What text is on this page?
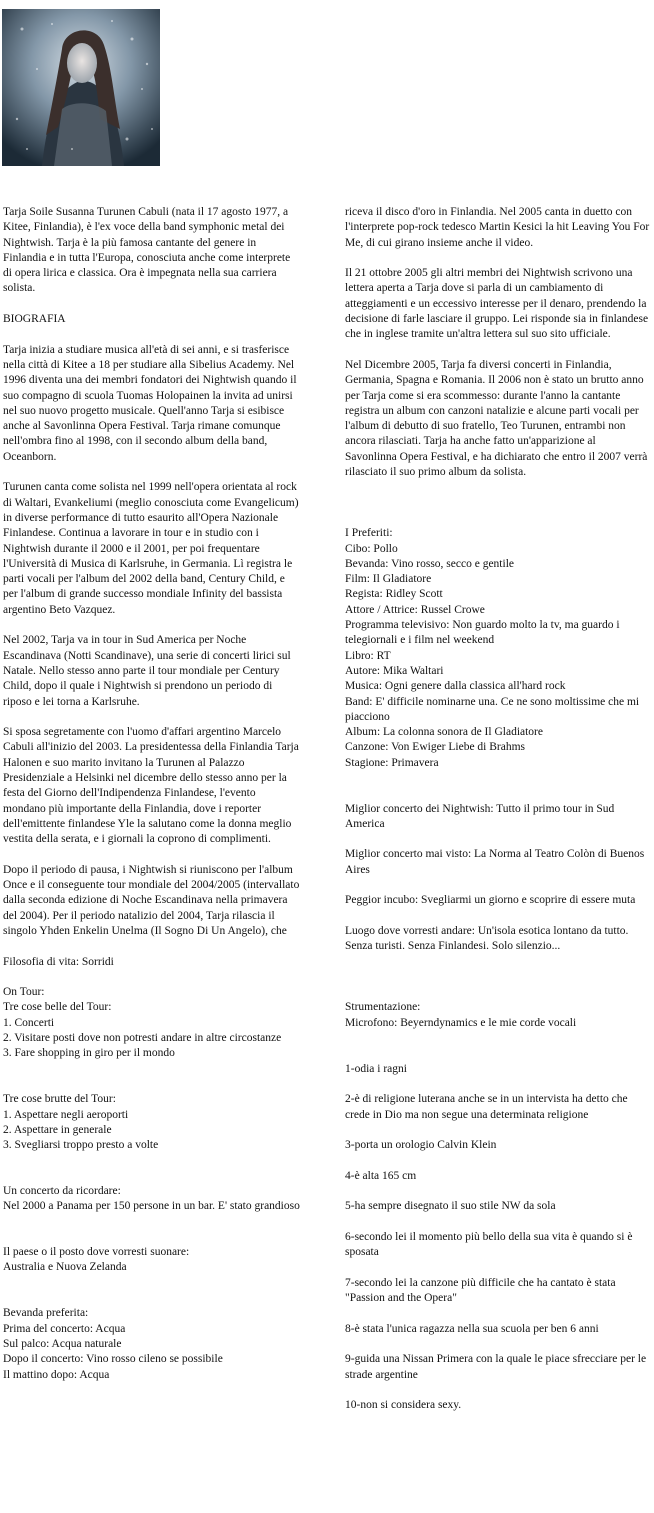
Tarja Soile Susanna Turunen Cabuli (nata il 17 agosto 1977, a Kitee, Finlandia), è l'ex voce della band symphonic metal dei Nightwish. Tarja è la più famosa cantante del genere in Finlandia e in tutta l'Europa, conosciuta anche come interprete di opera lirica e classica. Ora è impegnata nella sua carriera solista.

BIOGRAFIA

Tarja inizia a studiare musica all'età di sei anni, e si trasferisce nella città di Kitee a 18 per studiare alla Sibelius Academy. Nel 1996 diventa una dei membri fondatori dei Nightwish quando il suo compagno di scuola Tuomas Holopainen la invita ad unirsi nel suo nuovo progetto musicale. Quell'anno Tarja si esibisce anche al Savonlinna Opera Festival. Tarja rimane comunque nell'ombra fino al 1998, con il secondo album della band, Oceanborn.

Turunen canta come solista nel 1999 nell'opera orientata al rock di Waltari, Evankeliumi (meglio conosciuta come Evangelicum) in diverse performance di tutto esaurito all'Opera Nazionale Finlandese. Continua a lavorare in tour e in studio con i Nightwish durante il 2000 e il 2001, per poi frequentare l'Università di Musica di Karlsruhe, in Germania. Lì registra le parti vocali per l'album del 2002 della band, Century Child, e per l'album di grande successo mondiale Infinity del bassista argentino Beto Vazquez.

Nel 2002, Tarja va in tour in Sud America per Noche Escandinava (Notti Scandinave), una serie di concerti lirici sul Natale. Nello stesso anno parte il tour mondiale per Century Child, dopo il quale i Nightwish si prendono un periodo di riposo e lei torna a Karlsruhe.

Si sposa segretamente con l'uomo d'affari argentino Marcelo Cabuli all'inizio del 2003. La presidentessa della Finlandia Tarja Halonen e suo marito invitano la Turunen al Palazzo Presidenziale a Helsinki nel dicembre dello stesso anno per la festa del Giorno dell'Indipendenza Finlandese, l'evento mondano più importante della Finlandia, dove i reporter dell'emittente finlandese Yle la salutano come la donna meglio vestita della serata, e i giornali la coprono di complimenti.

Dopo il periodo di pausa, i Nightwish si riuniscono per l'album Once e il conseguente tour mondiale del 2004/2005 (intervallato dalla seconda edizione di Noche Escandinava nella primavera del 2004). Per il periodo natalizio del 2004, Tarja rilascia il singolo Yhden Enkelin Unelma (Il Sogno Di Un Angelo), che

Filosofia di vita: Sorridi

On Tour:

Tre cose belle del Tour:

1. Concerti

2. Visitare posti dove non potresti andare in altre circostanze

3. Fare shopping in giro per il mondo

Tre cose brutte del Tour:

1. Aspettare negli aeroporti

2. Aspettare in generale

3. Svegliarsi troppo presto a volte

Un concerto da ricordare:

Nel 2000 a Panama per 150 persone in un bar. E' stato grandioso

Il paese o il posto dove vorresti suonare:

Australia e Nuova Zelanda

Bevanda preferita:

Prima del concerto: Acqua

Sul palco: Acqua naturale

Dopo il concerto: Vino rosso cileno se possibile

Il mattino dopo: Acqua

riceva il disco d'oro in Finlandia. Nel 2005 canta in duetto con l'interprete pop-rock tedesco Martin Kesici la hit Leaving You For Me, di cui girano insieme anche il video.

Il 21 ottobre 2005 gli altri membri dei Nightwish scrivono una lettera aperta a Tarja dove si parla di un cambiamento di atteggiamenti e un eccessivo interesse per il denaro, prendendo la decisione di farle lasciare il gruppo. Lei risponde sia in finlandese che in inglese tramite un'altra lettera sul suo sito ufficiale.

Nel Dicembre 2005, Tarja fa diversi concerti in Finlandia, Germania, Spagna e Romania. Il 2006 non è stato un brutto anno per Tarja come si era scommesso: durante l'anno la cantante registra un album con canzoni natalizie e alcune parti vocali per l'album di debutto di suo fratello, Teo Turunen, entrambi non ancora rilasciati. Tarja ha anche fatto un'apparizione al Savonlinna Opera Festival, e ha dichiarato che entro il 2007 verrà rilasciato il suo primo album da solista.

I Preferiti:

Cibo: Pollo

Bevanda: Vino rosso, secco e gentile

Film: Il Gladiatore

Regista: Ridley Scott

Attore / Attrice: Russel Crowe

Programma televisivo: Non guardo molto la tv, ma guardo i telegiornali e i film nel weekend

Libro: RT

Autore: Mika Waltari

Musica: Ogni genere dalla classica all'hard rock

Band: E' difficile nominarne una. Ce ne sono moltissime che mi piacciono

Album: La colonna sonora de Il Gladiatore

Canzone: Von Ewiger Liebe di Brahms

Stagione: Primavera

Miglior concerto dei Nightwish: Tutto il primo tour in Sud America

Miglior concerto mai visto: La Norma al Teatro Colòn di Buenos Aires

Peggior incubo: Svegliarmi un giorno e scoprire di essere muta

Luogo dove vorresti andare: Un'isola esotica lontano da tutto. Senza turisti. Senza Finlandesi. Solo silenzio...

Strumentazione:

Microfono: Beyerndynamics e le mie corde vocali

1-odia i ragni

2-è di religione luterana anche se in un intervista ha detto che crede in Dio ma non segue una determinata religione

3-porta un orologio Calvin Klein

4-è alta 165 cm

5-ha sempre disegnato il suo stile NW da sola

6-secondo lei il momento più bello della sua vita è quando si è sposata

7-secondo lei la canzone più difficile che ha cantato è stata "Passion and the Opera"

8-è stata l'unica ragazza nella sua scuola per ben 6 anni

9-guida una Nissan Primera con la quale le piace sfrecciare per le strade argentine

10-non si considera sexy.
